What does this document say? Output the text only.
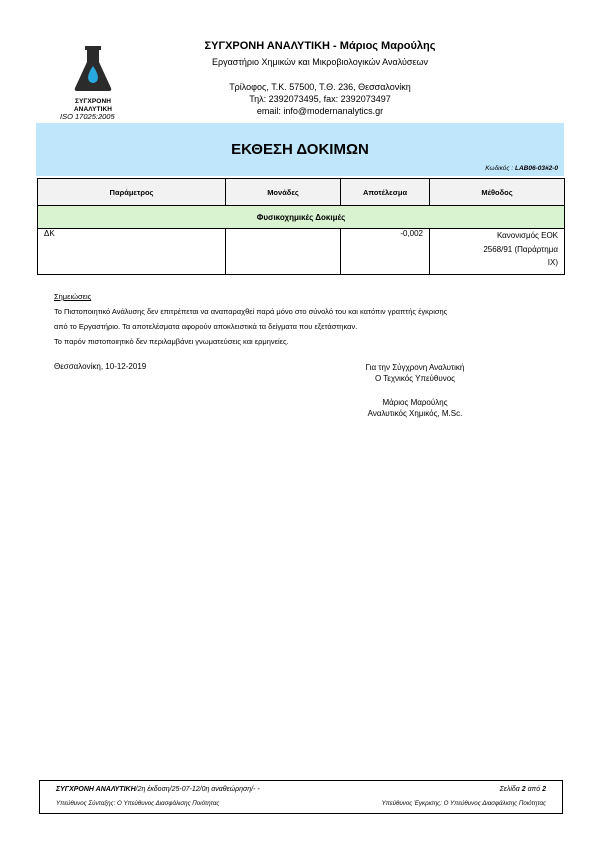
ΣΥΓΧΡΟΝΗ
ΑΝΑΛΥΤΙΚΗ
ISO 17025:2005
ΣΥΓΧΡΟΝΗ ΑΝΑΛΥΤΙΚΗ - Μάριος Μαρούλης
Εργαστήριο Χημικών και Μικροβιολογικών Αναλύσεων
Τρίλοφος, Τ.Κ. 57500, Τ.Θ. 236, Θεσσαλονίκη
Τηλ: 2392073495, fax: 2392073497
email: info@modernanalytics.gr
ΕΚΘΕΣΗ ΔΟΚΙΜΩΝ
Κωδικός : LAB06-03#2-0
Παράμετρος	Μονάδες	Αποτέλεσμα	Μέθοδος
Φυσικοχημικές Δοκιμές			
ΔΚ		-0,002	Κανονισμός ΕΟΚ
2568/91 (Παράρτημα
IX)
Σημειώσεις
Το Πιστοποιητικό Ανάλυσης δεν επιτρέπεται να αναπαραχθεί παρά μόνο στο σύνολό του και κατόπιν γραπτής έγκρισης
από το Εργαστήριο. Τα αποτελέσματα αφορούν αποκλειστικά τα δείγματα που εξετάστηκαν.
Το παρόν πιστοποιητικό δεν περιλαμβάνει γνωματεύσεις και ερμηνείες.
Θεσσαλονίκη, 10-12-2019	Για την Σύγχρονη Αναλυτική
Ο Τεχνικός Υπεύθυνος
Μάριος Μαρούλης
Αναλυτικός Χημικός, M.Sc.
ΣΥΓΧΡΟΝΗ ΑΝΑΛΥΤΙΚΗ/2η έκδοση/25-07-12/0η αναθεώρηση/- -	Σελίδα 2 από 2
Υπεύθυνος Σύνταξης: Ο Υπεύθυνος Διασφάλισης Ποιότητας	Υπεύθυνος Έγκρισης: Ο Υπεύθυνος Διασφάλισης Ποιότητας
